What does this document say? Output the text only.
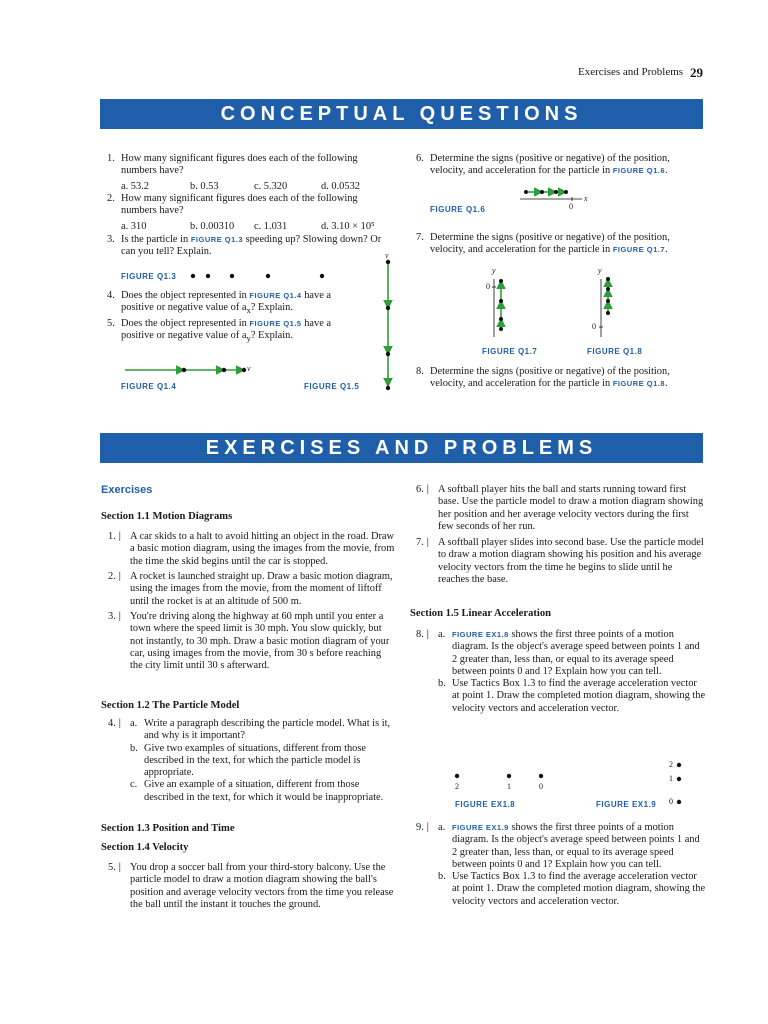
Exercises and Problems 29
CONCEPTUAL QUESTIONS
1. How many significant figures does each of the following numbers have?
a. 53.2	b. 0.53	c. 5.320	d. 0.0532
2. How many significant figures does each of the following numbers have?
a. 310	b. 0.00310 c. 1.031	d. 3.10 × 10⁵
3. Is the particle in FIGURE Q1.3 speeding up? Slowing down? Or can you tell? Explain.
FIGURE Q1.3
4. Does the object represented in FIGURE Q1.4 have a positive or negative value of $a_x$? Explain.
5. Does the object represented in FIGURE Q1.5 have a positive or negative value of $a_y$? Explain.
v
FIGURE Q1.4	FIGURE Q1.5
v
6. Determine the signs (positive or negative) of the position, velocity, and acceleration for the particle in FIGURE Q1.6.
x
0
FIGURE Q1.6
7. Determine the signs (positive or negative) of the position, velocity, and acceleration for the particle in FIGURE Q1.7.
y
0
FIGURE Q1.7
y
0
FIGURE Q1.8
8. Determine the signs (positive or negative) of the position, velocity, and acceleration for the particle in FIGURE Q1.8.
EXERCISES AND PROBLEMS
Exercises
Section 1.1 Motion Diagrams
1. | A car skids to a halt to avoid hitting an object in the road. Draw a basic motion diagram, using the images from the movie, from the time the skid begins until the car is stopped.
2. | A rocket is launched straight up. Draw a basic motion diagram, using the images from the movie, from the moment of liftoff until the rocket is at an altitude of 500 m.
3. | You're driving along the highway at 60 mph until you enter a town where the speed limit is 30 mph. You slow quickly, but not instantly, to 30 mph. Draw a basic motion diagram of your car, using images from the movie, from 30 s before reaching the city limit until 30 s afterward.
Section 1.2 The Particle Model
4. | a. Write a paragraph describing the particle model. What is it, and why is it important?
b. Give two examples of situations, different from those described in the text, for which the particle model is appropriate.
c. Give an example of a situation, different from those described in the text, for which it would be inappropriate.
Section 1.3 Position and Time
Section 1.4 Velocity
5. | You drop a soccer ball from your third-story balcony. Use the particle model to draw a motion diagram showing the ball's position and average velocity vectors from the time you release the ball until the instant it touches the ground.
6. | A softball player hits the ball and starts running toward first base. Use the particle model to draw a motion diagram showing her position and her average velocity vectors during the first few seconds of her run.
7. | A softball player slides into second base. Use the particle model to draw a motion diagram showing his position and his average velocity vectors from the time he begins to slide until he reaches the base.
Section 1.5 Linear Acceleration
8. | a. FIGURE EX1.8 shows the first three points of a motion diagram. Is the object's average speed between points 1 and 2 greater than, less than, or equal to its average speed between points 0 and 1? Explain how you can tell.
b. Use Tactics Box 1.3 to find the average acceleration vector at point 1. Draw the completed motion diagram, showing the velocity vectors and acceleration vector.
2	1	0
FIGURE EX1.8
2
1
0
FIGURE EX1.9
9. | a. FIGURE EX1.9 shows the first three points of a motion diagram. Is the object's average speed between points 1 and 2 greater than, less than, or equal to its average speed between points 0 and 1? Explain how you can tell.
b. Use Tactics Box 1.3 to find the average acceleration vector at point 1. Draw the completed motion diagram, showing the velocity vectors and acceleration vector.
